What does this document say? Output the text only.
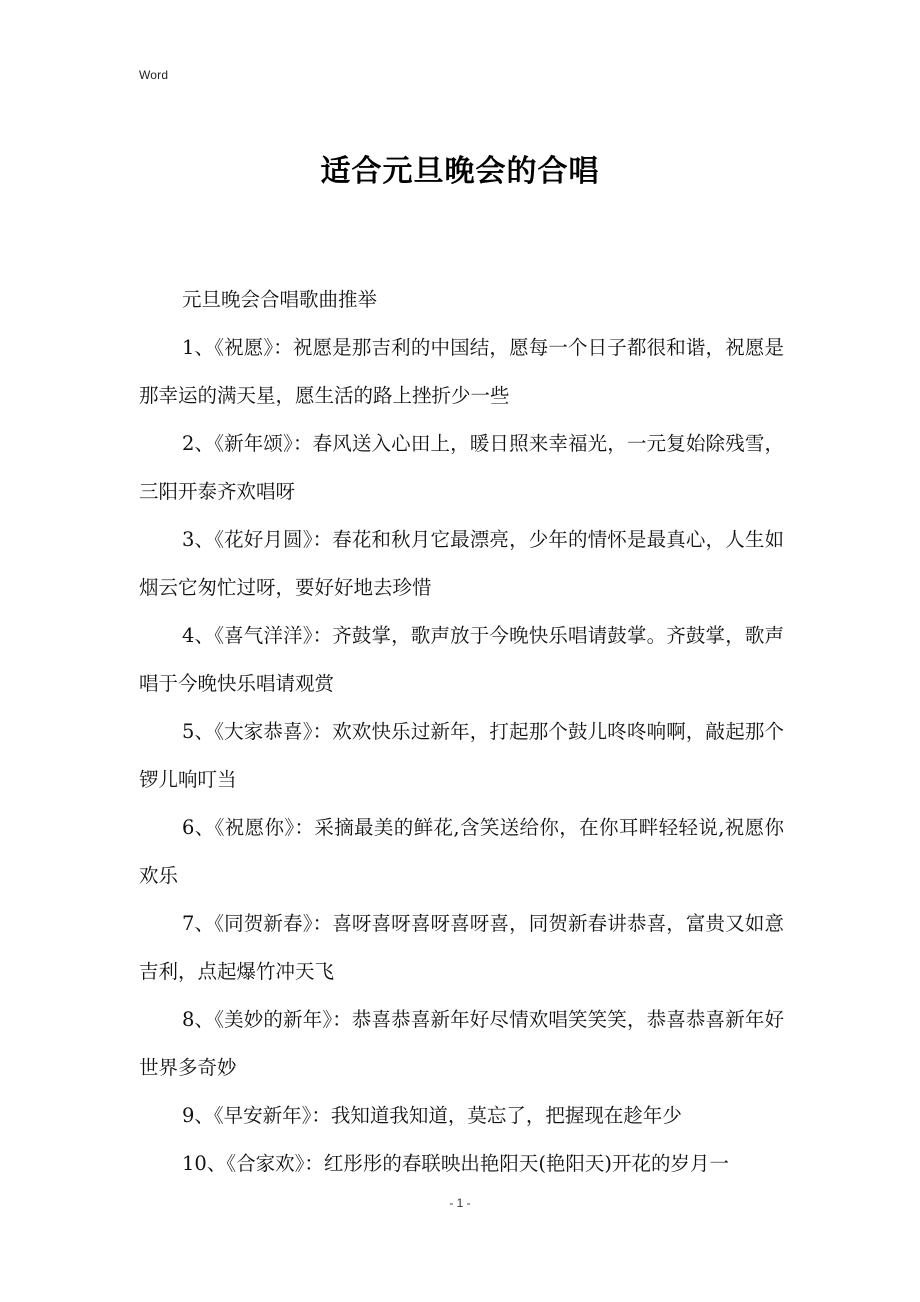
Word
适合元旦晚会的合唱

元旦晚会合唱歌曲推举

1、《祝愿》：祝愿是那吉利的中国结，愿每一个日子都很和谐，祝愿是那幸运的满天星，愿生活的路上挫折少一些

2、《新年颂》：春风送入心田上，暖日照来幸福光，一元复始除残雪，三阳开泰齐欢唱呀

3、《花好月圆》：春花和秋月它最漂亮，少年的情怀是最真心，人生如烟云它匆忙过呀，要好好地去珍惜

4、《喜气洋洋》：齐鼓掌，歌声放于今晚快乐唱请鼓掌。齐鼓掌，歌声唱于今晚快乐唱请观赏

5、《大家恭喜》：欢欢快乐过新年，打起那个鼓儿咚咚响啊，敲起那个锣儿响叮当

6、《祝愿你》：采摘最美的鲜花,含笑送给你，在你耳畔轻轻说,祝愿你欢乐

7、《同贺新春》：喜呀喜呀喜呀喜呀喜，同贺新春讲恭喜，富贵又如意吉利，点起爆竹冲天飞

8、《美妙的新年》：恭喜恭喜新年好尽情欢唱笑笑笑，恭喜恭喜新年好世界多奇妙

9、《早安新年》：我知道我知道，莫忘了，把握现在趁年少

10、《合家欢》：红彤彤的春联映出艳阳天(艳阳天)开花的岁月一

- 1 -
